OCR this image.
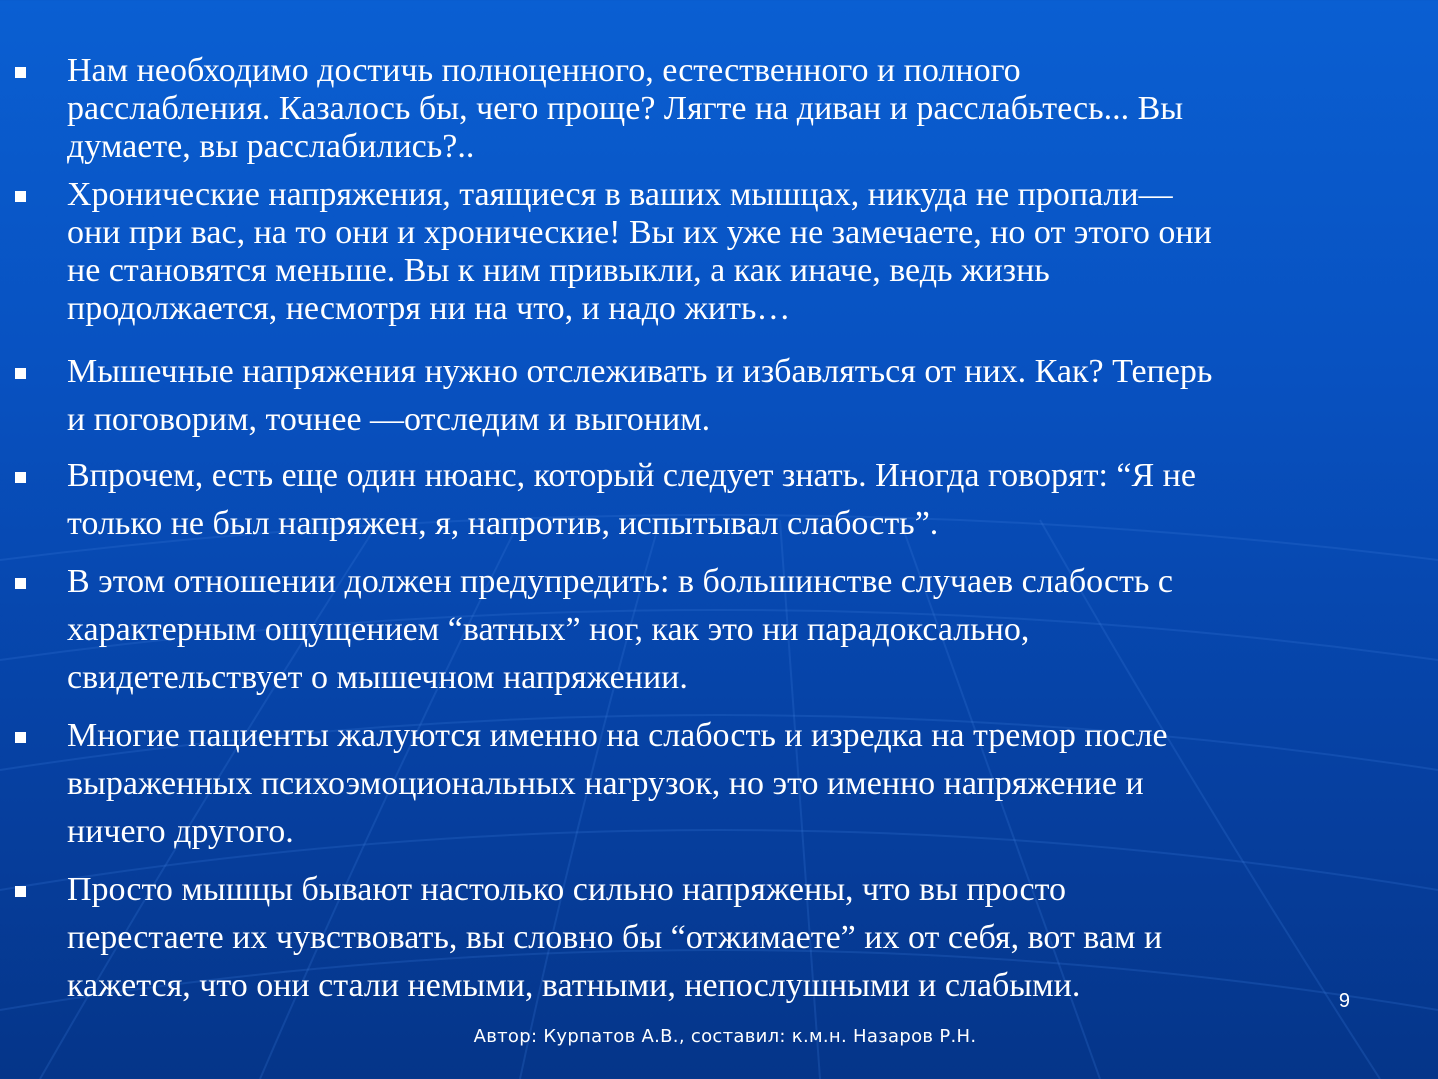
Нам необходимо достичь полноценного, естественного и полного
расслабления. Казалось бы, чего проще? Лягте на диван и расслабьтесь... Вы
думаете, вы расслабились?..
Хронические напряжения, таящиеся в ваших мышцах, никуда не пропали—
они при вас, на то они и хронические! Вы их уже не замечаете, но от этого они
не становятся меньше. Вы к ним привыкли, а как иначе, ведь жизнь
продолжается, несмотря ни на что, и надо жить…
Мышечные напряжения нужно отслеживать и избавляться от них. Как? Теперь
и поговорим, точнее —отследим и выгоним.
Впрочем, есть еще один нюанс, который следует знать. Иногда говорят: “Я не
только не был напряжен, я, напротив, испытывал слабость”.
В этом отношении должен предупредить: в большинстве случаев слабость с
характерным ощущением “ватных” ног, как это ни парадоксально,
свидетельствует о мышечном напряжении.
Многие пациенты жалуются именно на слабость и изредка на тремор после
выраженных психоэмоциональных нагрузок, но это именно напряжение и
ничего другого.
Просто мышцы бывают настолько сильно напряжены, что вы просто
перестаете их чувствовать, вы словно бы “отжимаете” их от себя, вот вам и
кажется, что они стали немыми, ватными, непослушными и слабыми.	9
Автор: Курпатов А.В., составил: к.м.н. Назаров Р.Н.
